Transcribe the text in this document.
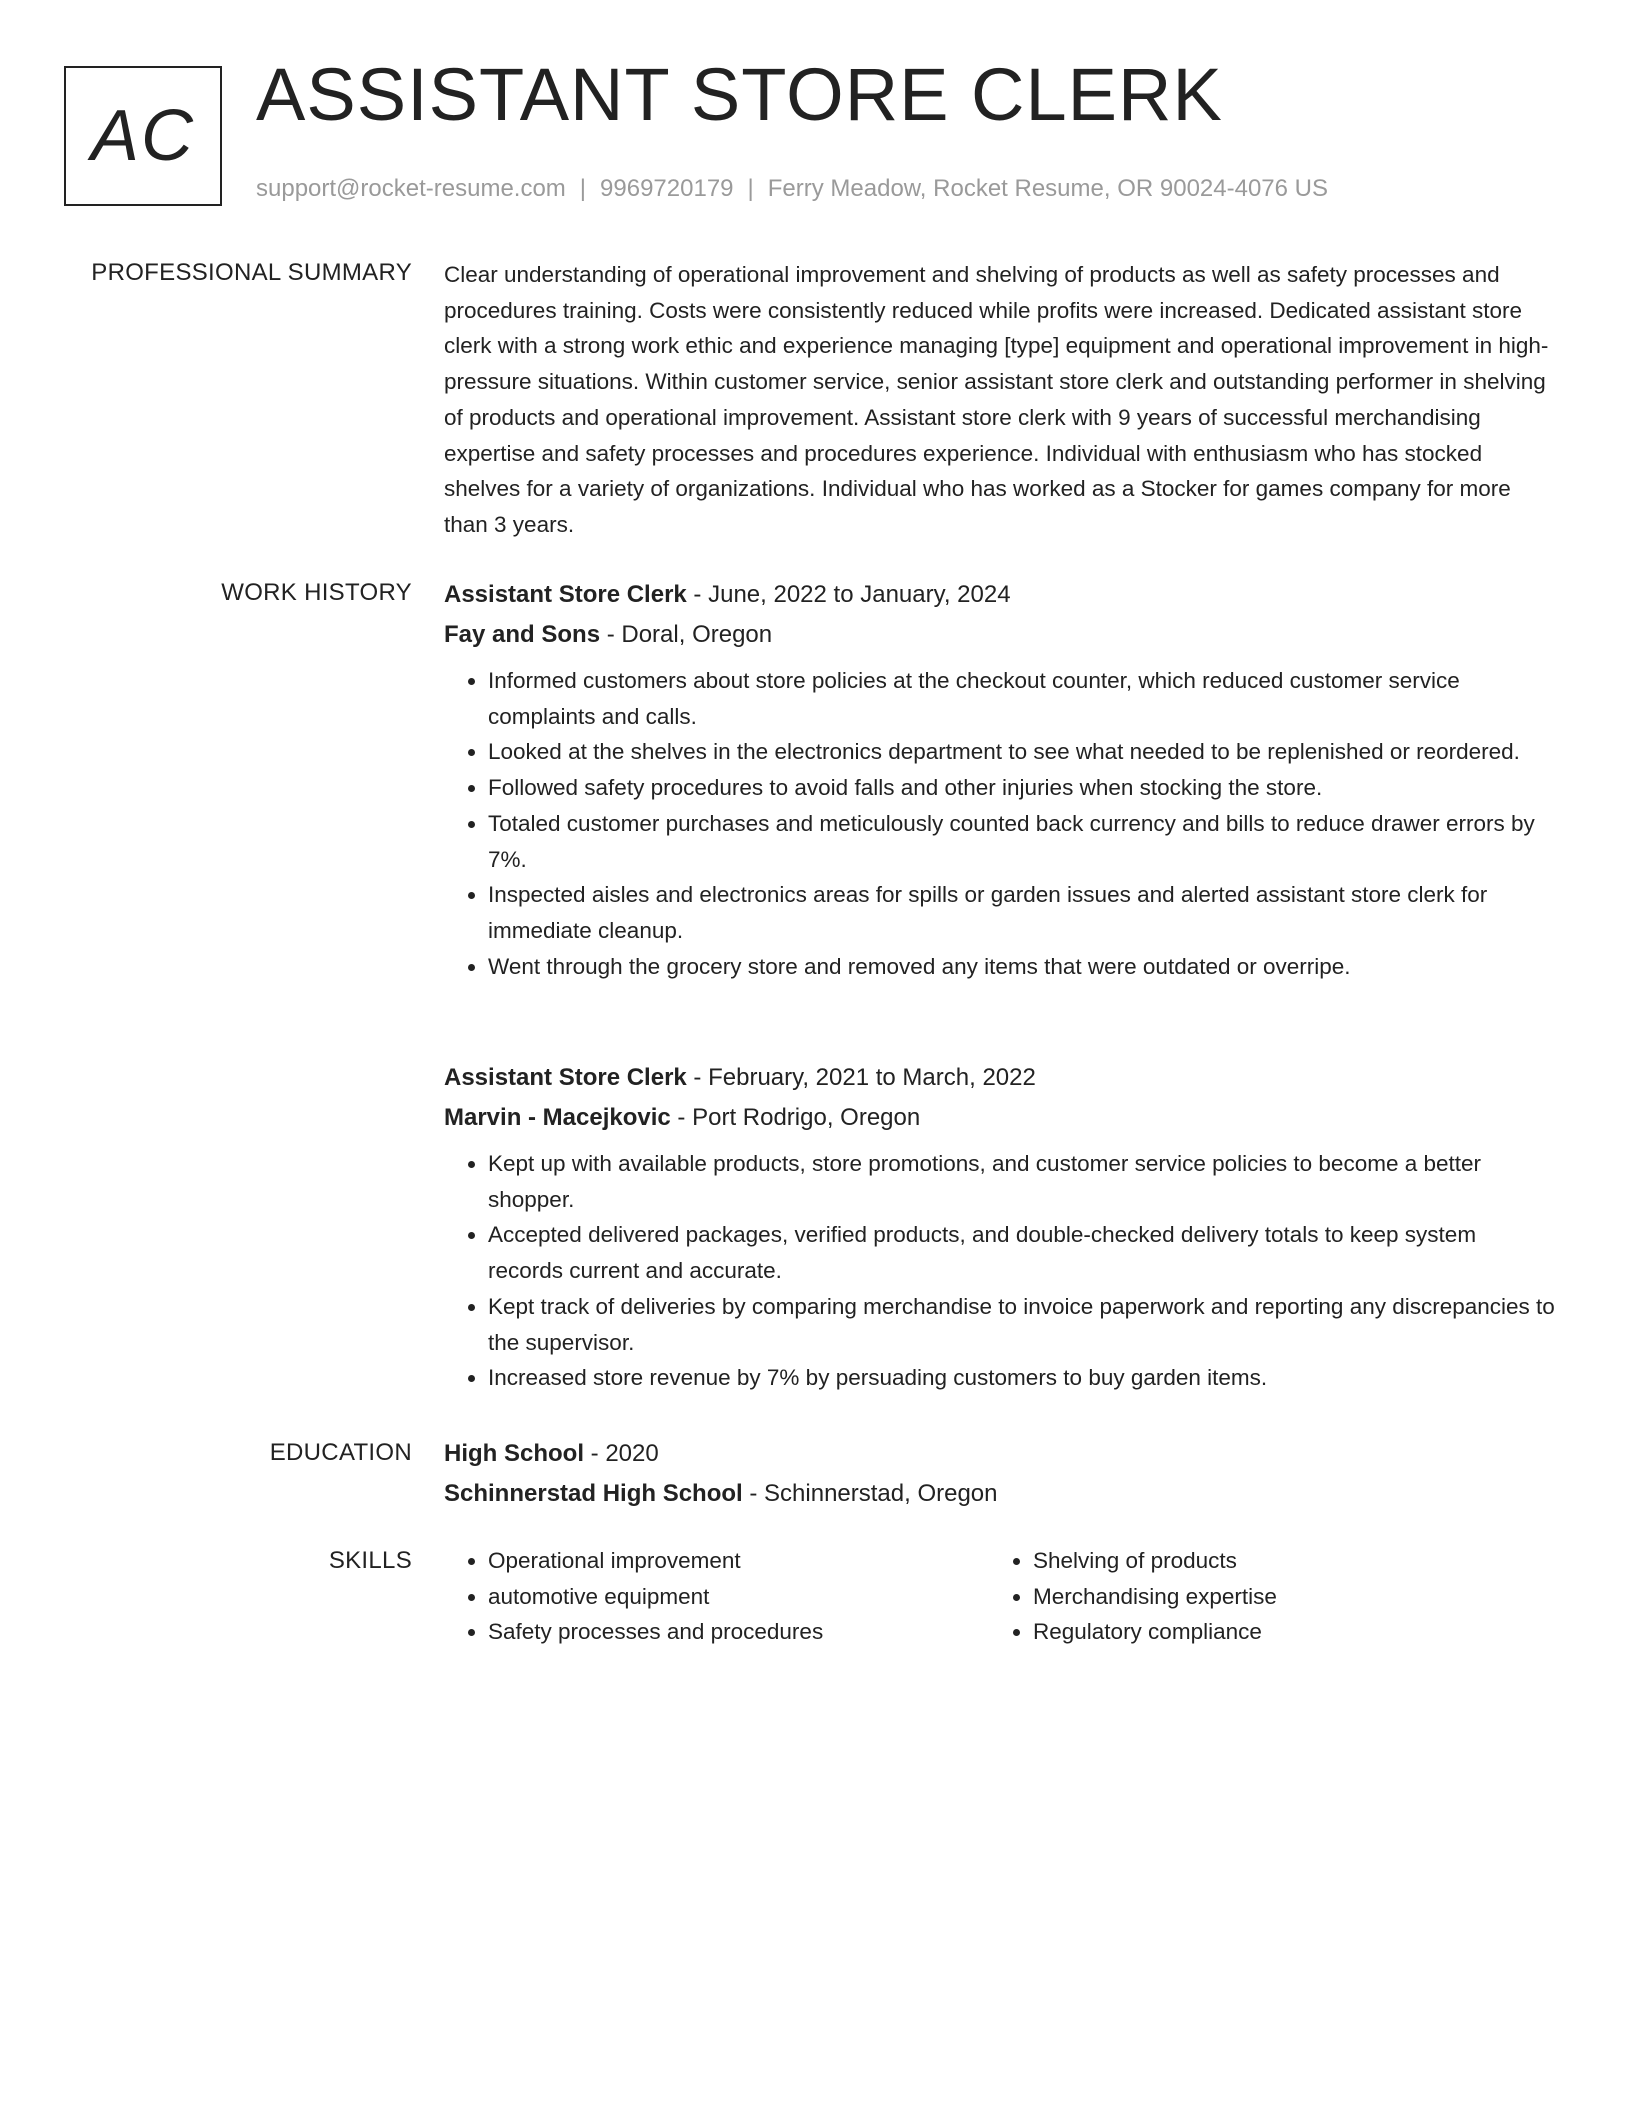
AC ASSISTANT STORE CLERK
support@rocket-resume.com | 9969720179 | Ferry Meadow, Rocket Resume, OR 90024-4076 US
PROFESSIONAL SUMMARY Clear understanding of operational improvement and shelving of products as well as safety processes and procedures training. Costs were consistently reduced while profits were increased. Dedicated assistant store clerk with a strong work ethic and experience managing [type] equipment and operational improvement in high-pressure situations. Within customer service, senior assistant store clerk and outstanding performer in shelving of products and operational improvement. Assistant store clerk with 9 years of successful merchandising expertise and safety processes and procedures experience. Individual with enthusiasm who has stocked shelves for a variety of organizations. Individual who has worked as a Stocker for games company for more than 3 years.

WORK HISTORY Assistant Store Clerk - June, 2022 to January, 2024
Fay and Sons - Doral, Oregon
• Informed customers about store policies at the checkout counter, which reduced customer service complaints and calls.
• Looked at the shelves in the electronics department to see what needed to be replenished or reordered.
• Followed safety procedures to avoid falls and other injuries when stocking the store.
• Totaled customer purchases and meticulously counted back currency and bills to reduce drawer errors by 7%.
• Inspected aisles and electronics areas for spills or garden issues and alerted assistant store clerk for immediate cleanup.
• Went through the grocery store and removed any items that were outdated or overripe.
Assistant Store Clerk - February, 2021 to March, 2022
Marvin - Macejkovic - Port Rodrigo, Oregon
• Kept up with available products, store promotions, and customer service policies to become a better shopper.
• Accepted delivered packages, verified products, and double-checked delivery totals to keep system records current and accurate.
• Kept track of deliveries by comparing merchandise to invoice paperwork and reporting any discrepancies to the supervisor.
• Increased store revenue by 7% by persuading customers to buy garden items.
EDUCATION High School - 2020
Schinnerstad High School - Schinnerstad, Oregon
SKILLS
•	Operational improvement
• automotive equipment
• Safety processes and procedures
• Shelving of products
• Merchandising expertise
• Regulatory compliance
